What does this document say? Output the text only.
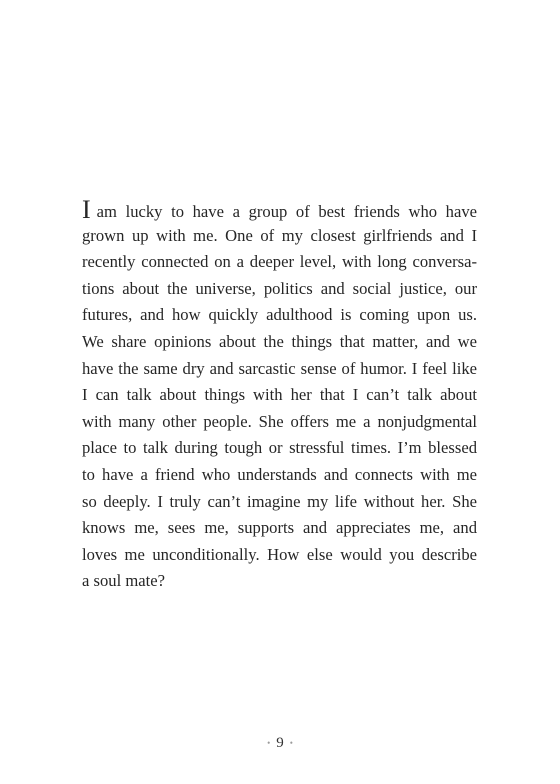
Iam lucky to have a group of best friends who have
grown up with me. One of my closest girlfriends and I
recently connected on a deeper level, with long conversa-
tions about the universe, politics and social justice, our
futures, and how quickly adulthood is coming upon us.
We share opinions about the things that matter, and we
have the same dry and sarcastic sense of humor. I feel like
I can talk about things with her that I can’t talk about
with many other people. She offers me a nonjudgmental
place to talk during tough or stressful times. I’m blessed
to have a friend who understands and connects with me
so deeply. I truly can’t imagine my life without her. She
knows me, sees me, supports and appreciates me, and
loves me unconditionally. How else would you describe
a soul mate?
• 9 •
